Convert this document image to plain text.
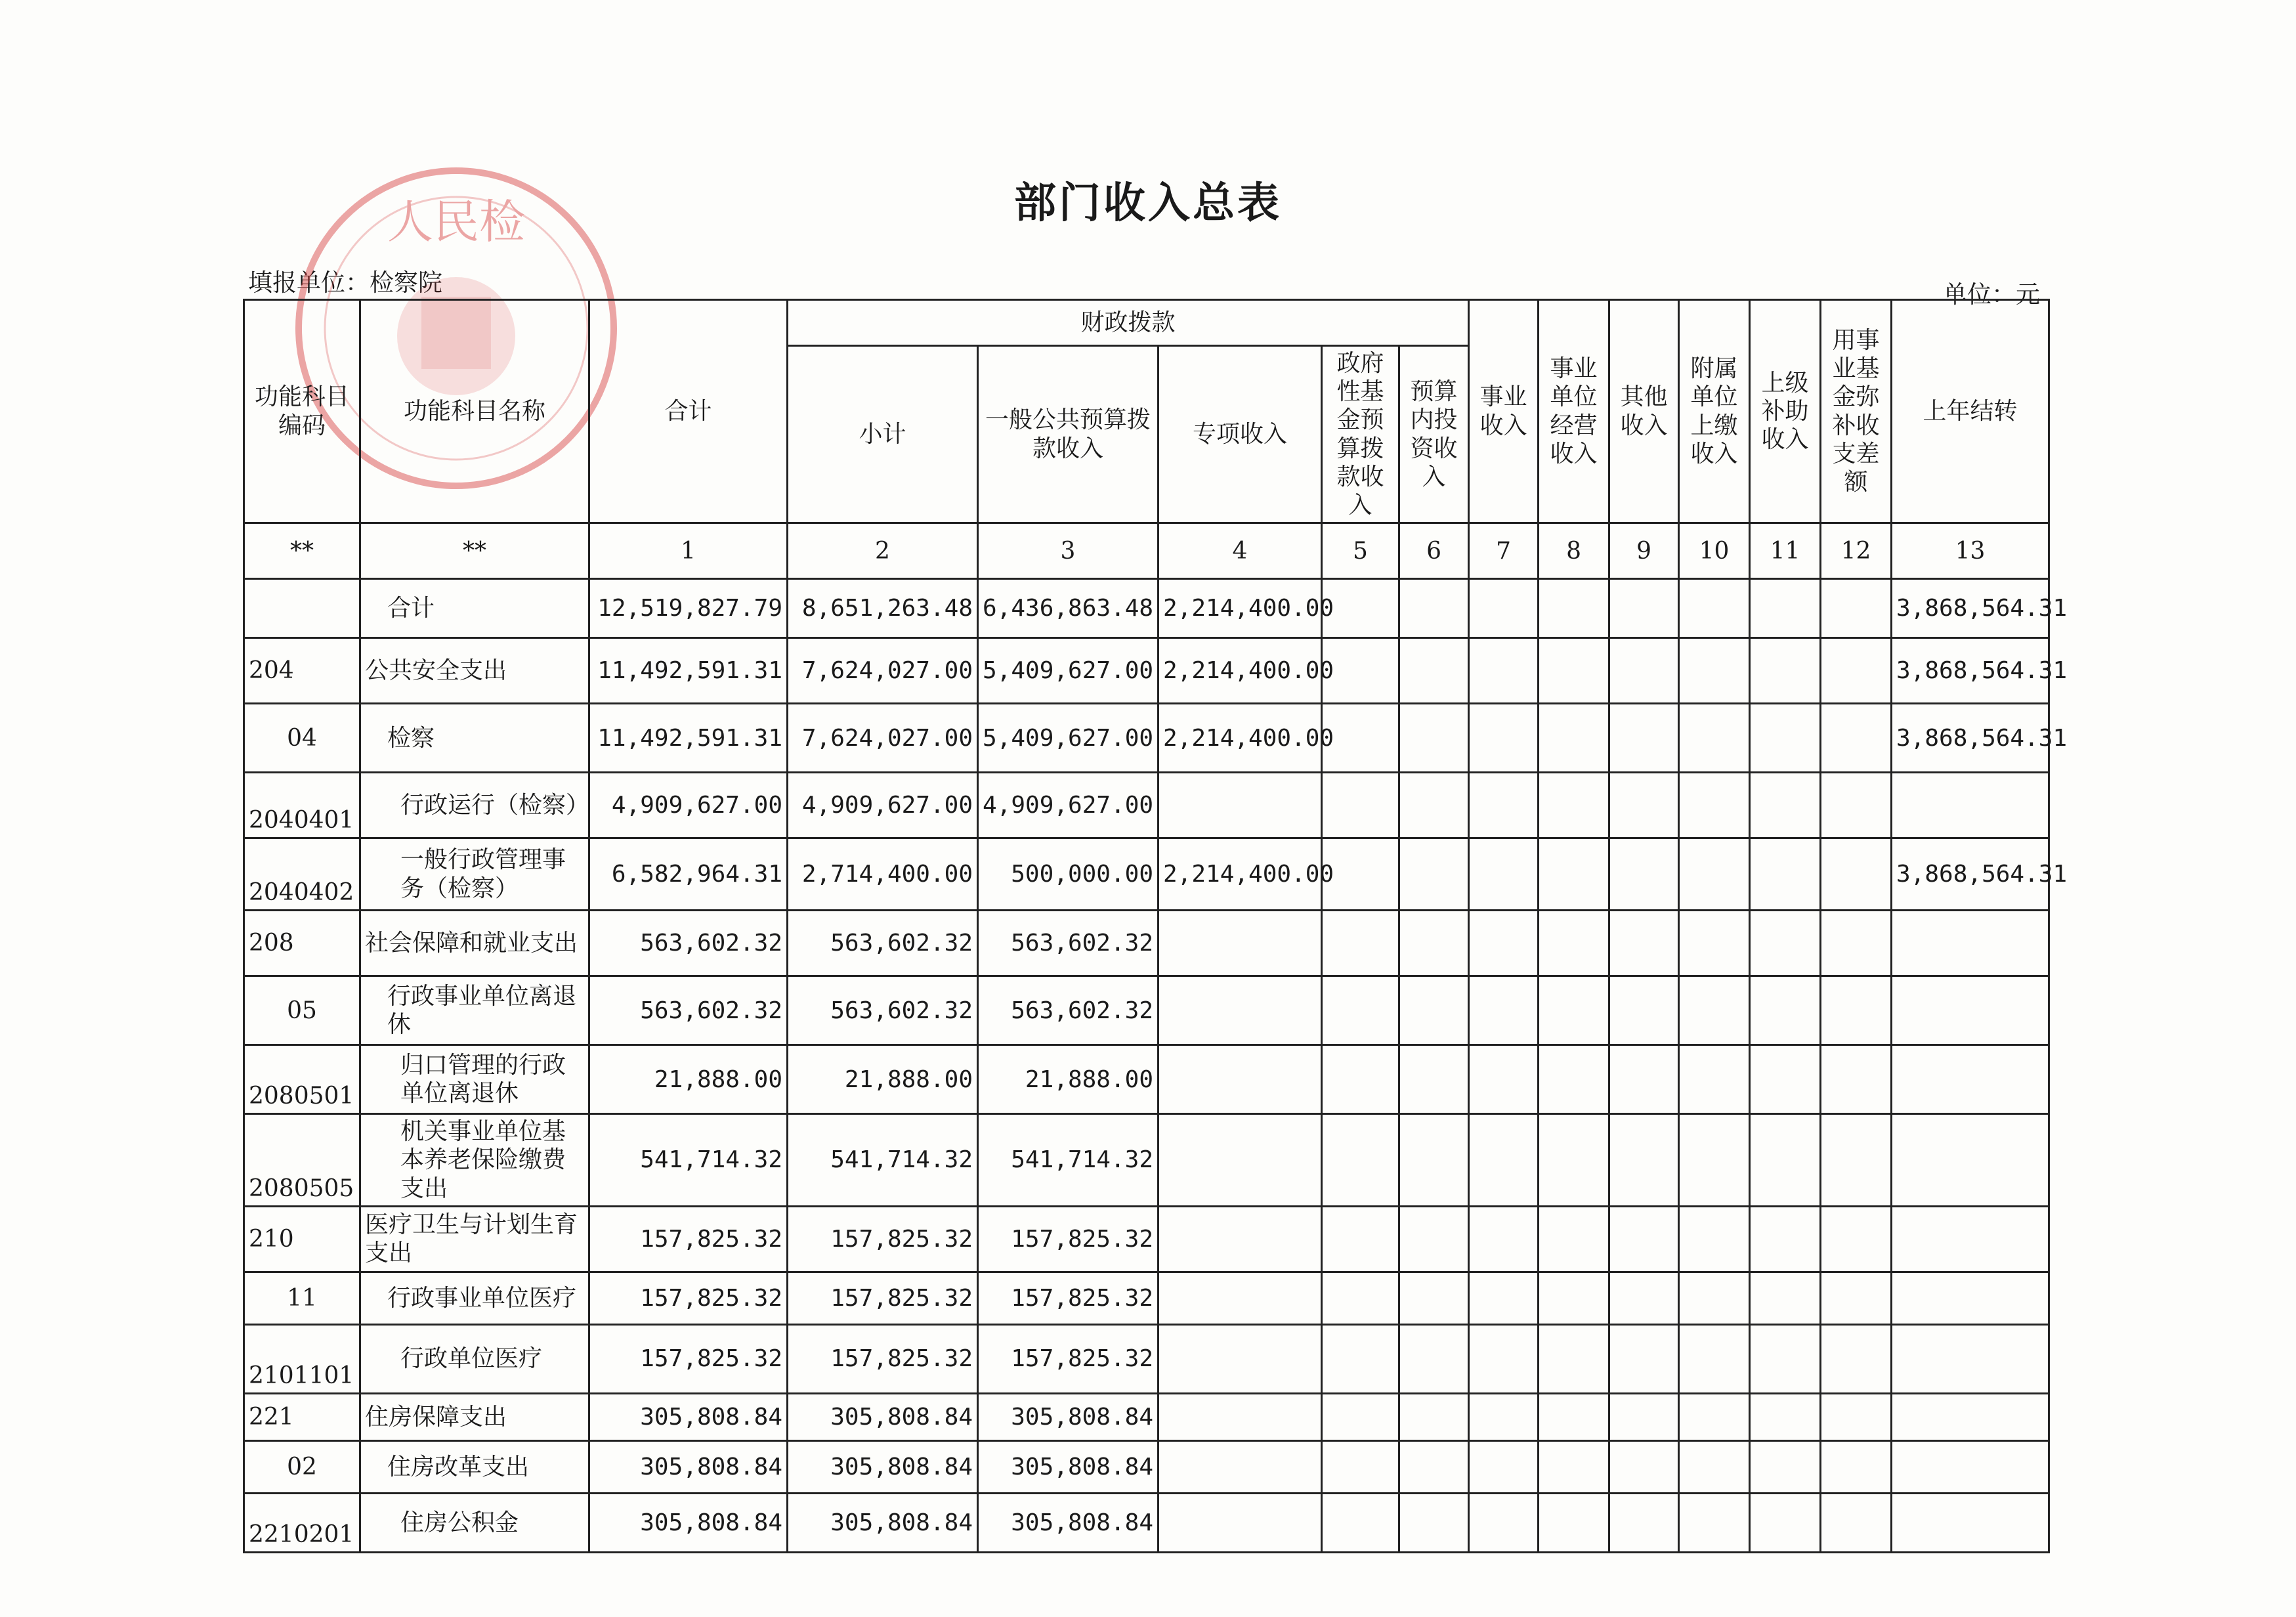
部门收入总表
填报单位：检察院	单位：元
人民检
功能科目编码	功能科目名称	合计	财政拨款					事业收入	事业单位经营收入	其他收入	附属单位上缴收入	上级补助收入	用事业基金弥补收支差额	上年结转
			小计	一般公共预算拨款收入	专项收入	政府性基金预算拨款收入	预算内投资收入							
**	**	1	2	3	4	5	6	7	8	9	10	11	12	13
	合计	12,519,827.79	8,651,263.48	6,436,863.48	2,214,400.00									3,868,564.31
204	公共安全支出	11,492,591.31	7,624,027.00	5,409,627.00	2,214,400.00									3,868,564.31
04	检察	11,492,591.31	7,624,027.00	5,409,627.00	2,214,400.00									3,868,564.31
2040401	行政运行（检察）	4,909,627.00	4,909,627.00	4,909,627.00										
2040402	一般行政管理事务（检察）	6,582,964.31	2,714,400.00	500,000.00	2,214,400.00									3,868,564.31
208	社会保障和就业支出	563,602.32	563,602.32	563,602.32										
05	行政事业单位离退休	563,602.32	563,602.32	563,602.32										
2080501	归口管理的行政单位离退休	21,888.00	21,888.00	21,888.00										
2080505	机关事业单位基本养老保险缴费支出	541,714.32	541,714.32	541,714.32										
210	医疗卫生与计划生育支出	157,825.32	157,825.32	157,825.32										
11	行政事业单位医疗	157,825.32	157,825.32	157,825.32										
2101101	行政单位医疗	157,825.32	157,825.32	157,825.32										
221	住房保障支出	305,808.84	305,808.84	305,808.84										
02	住房改革支出	305,808.84	305,808.84	305,808.84										
2210201	住房公积金	305,808.84	305,808.84	305,808.84										
